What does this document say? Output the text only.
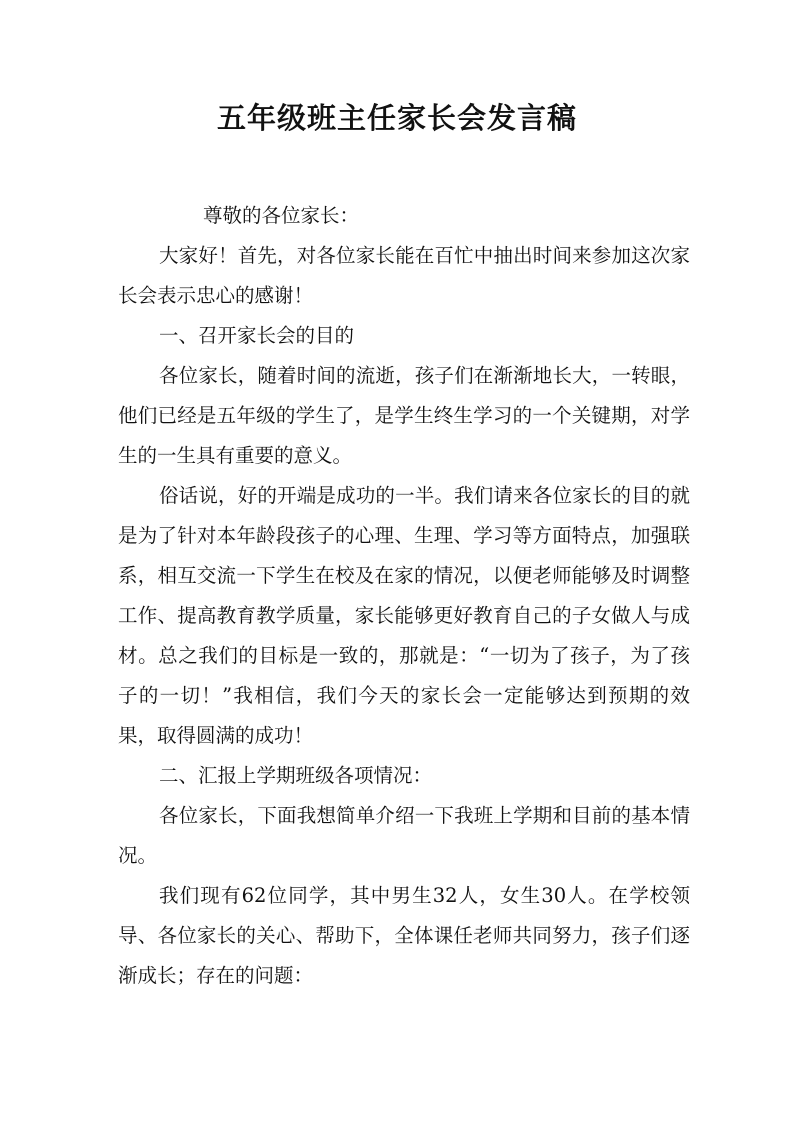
五年级班主任家长会发言稿

尊敬的各位家长：

大家好！首先，对各位家长能在百忙中抽出时间来参加这次家长会表示忠心的感谢！

一、召开家长会的目的

各位家长，随着时间的流逝，孩子们在渐渐地长大，一转眼，他们已经是五年级的学生了，是学生终生学习的一个关键期，对学生的一生具有重要的意义。

俗话说，好的开端是成功的一半。我们请来各位家长的目的就是为了针对本年龄段孩子的心理、生理、学习等方面特点，加强联系，相互交流一下学生在校及在家的情况，以便老师能够及时调整工作、提高教育教学质量，家长能够更好教育自己的子女做人与成材。总之我们的目标是一致的，那就是：“一切为了孩子，为了孩子的一切！”我相信，我们今天的家长会一定能够达到预期的效果，取得圆满的成功！

二、汇报上学期班级各项情况：

各位家长，下面我想简单介绍一下我班上学期和目前的基本情况。

我们现有62位同学，其中男生32人，女生30人。在学校领导、各位家长的关心、帮助下，全体课任老师共同努力，孩子们逐渐成长；存在的问题：
